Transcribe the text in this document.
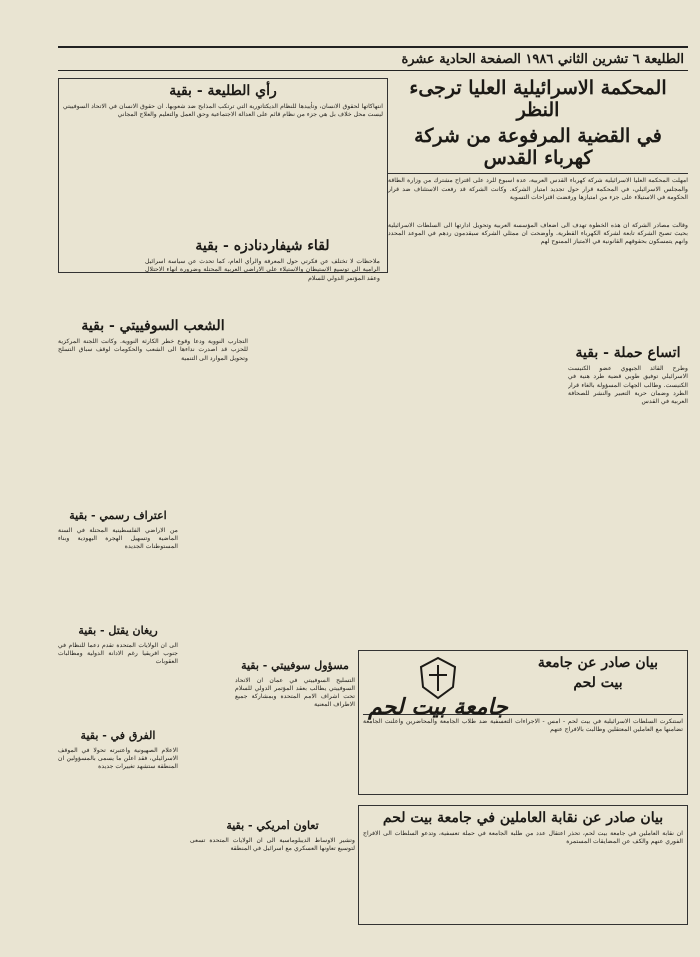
الطليعة ٦ تشرين الثاني ١٩٨٦ الصفحة الحادية عشرة
المحكمة الاسرائيلية العليا ترجىء النظر
في القضية المرفوعة من شركة كهرباء القدس
امهلت المحكمة العليا الاسرائيلية شركة كهرباء القدس العربية، عدة اسبوع للرد على اقتراح مشترك من وزارة الطاقة والمجلس الاسرائيلي، في المحكمة قرار حول تجديد امتياز الشركة. وكانت الشركة قد رفعت الاستئناف ضد قرار الحكومة في الاستيلاء على جزء من امتيازها ورفضت اقتراحات التسوية
وقالت مصادر الشركة ان هذه الخطوة تهدف الى اضعاف المؤسسة العربية وتحويل ادارتها الى السلطات الاسرائيلية بحيث تصبح الشركة تابعة لشركة الكهرباء القطرية. وأوضحت ان ممثلي الشركة سيقدمون ردهم في الموعد المحدد وانهم يتمسكون بحقوقهم القانونية في الامتياز الممنوح لهم
رأي الطليعة - بقية
انتهاكاتها لحقوق الانسان، وتأييدها للنظام الديكتاتورية التي ترتكب المذابح ضد شعوبها. ان حقوق الانسان في الاتحاد السوفييتي ليست محل خلاف بل هي جزء من نظام قائم على العدالة الاجتماعية وحق العمل والتعليم والعلاج المجاني
لقاء شيفاردنادزه - بقية
ملاحظات لا تختلف عن فكرتي حول المعرفة والرأي العام، كما تحدث عن سياسة اسرائيل الرامية الى توسيع الاستيطان والاستيلاء على الاراضي العربية المحتلة وضرورة انهاء الاحتلال وعقد المؤتمر الدولي للسلام
اتساع حملة - بقية
وطرح القائد الجبهوي عضو الكنيست الاسرائيلي توفيق طوبي قضية طرد هنية في الكنيست. وطالب الجهات المسؤولة بالغاء قرار الطرد وضمان حرية التعبير والنشر للصحافة العربية في القدس
الشعب السوفييتي - بقية
التجارب النووية ودعا وقوع خطر الكارثة النووية. وكانت اللجنة المركزية للحزب قد اصدرت نداءها الى الشعب والحكومات لوقف سباق التسلح وتحويل الموارد الى التنمية
اعتراف رسمي - بقية
من الاراضي الفلسطينية المحتلة في السنة الماضية وتسهيل الهجرة اليهودية وبناء المستوطنات الجديدة
ريغان يقتل - بقية
الى ان الولايات المتحدة تقدم دعما للنظام في جنوب افريقيا رغم الادانة الدولية ومطالبات العقوبات
الفرق في - بقية
الاعلام الصهيونية واعتبرته تحولا في الموقف الاسرائيلي، فقد اعلن ما يسمى بالمسؤولين ان المنطقة ستشهد تغييرات جديدة
مسؤول سوفييتي - بقية
التسليح السوفييتي في عمان ان الاتحاد السوفييتي يطالب بعقد المؤتمر الدولي للسلام تحت اشراف الامم المتحدة وبمشاركة جميع الاطراف المعنية
تعاون أمريكي - بقية
وتشير الاوساط الديبلوماسية الى ان الولايات المتحدة تسعى لتوسيع تعاونها العسكري مع اسرائيل في المنطقة
بيان صادر عن جامعة
بيت لحم
جامعة بيت لحم
استنكرت السلطات الاسرائيلية في بيت لحم - امس - الاجراءات التعسفية ضد طلاب الجامعة والمحاضرين واعلنت الجامعة تضامنها مع العاملين المعتقلين وطالبت بالافراج عنهم
بيان صادر عن نقابة العاملين في جامعة بيت لحم
ان نقابة العاملين في جامعة بيت لحم، تحذر اعتقال عدد من طلبة الجامعة في حملة تعسفية، وتدعو السلطات الى الافراج الفوري عنهم والكف عن المضايقات المستمرة
